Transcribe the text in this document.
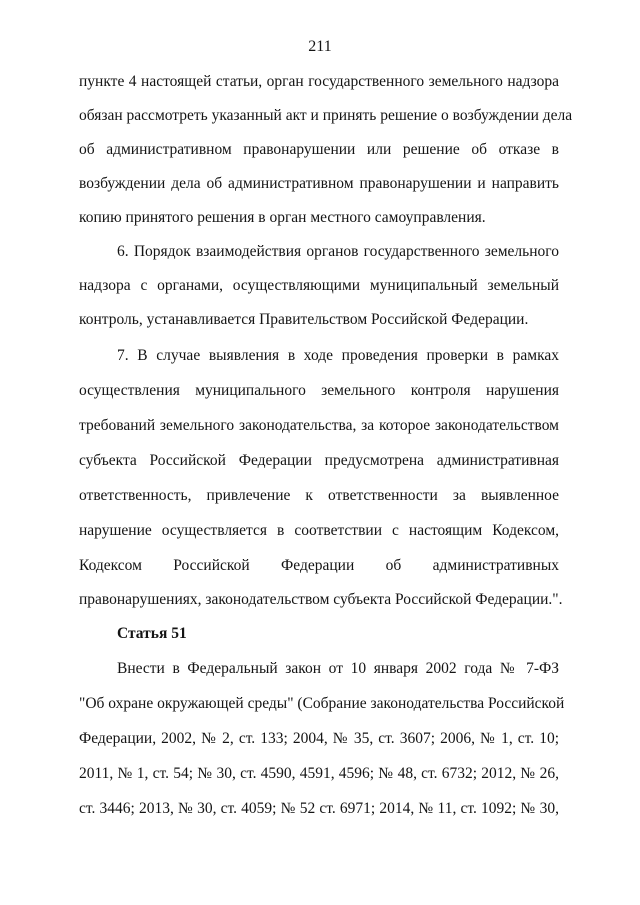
211

пункте 4 настоящей статьи, орган государственного земельного надзора

обязан рассмотреть указанный акт и принять решение о возбуждении дела

об административном правонарушении или решение об отказе в

возбуждении дела об административном правонарушении и направить

копию принятого решения в орган местного самоуправления.

6. Порядок взаимодействия органов государственного земельного

надзора с органами, осуществляющими муниципальный земельный

контроль, устанавливается Правительством Российской Федерации.

7. В случае выявления в ходе проведения проверки в рамках

осуществления муниципального земельного контроля нарушения

требований земельного законодательства, за которое законодательством

субъекта Российской Федерации предусмотрена административная

ответственность, привлечение к ответственности за выявленное

нарушение осуществляется в соответствии с настоящим Кодексом,

Кодексом Российской Федерации об административных

правонарушениях, законодательством субъекта Российской Федерации.".

Статья 51

Внести в Федеральный закон от 10 января 2002 года № 7-ФЗ

"Об охране окружающей среды" (Собрание законодательства Российской

Федерации, 2002, № 2, ст. 133; 2004, № 35, ст. 3607; 2006, № 1, ст. 10;

2011, № 1, ст. 54; № 30, ст. 4590, 4591, 4596; № 48, ст. 6732; 2012, № 26,

ст. 3446; 2013, № 30, ст. 4059; № 52 ст. 6971; 2014, № 11, ст. 1092; № 30,
